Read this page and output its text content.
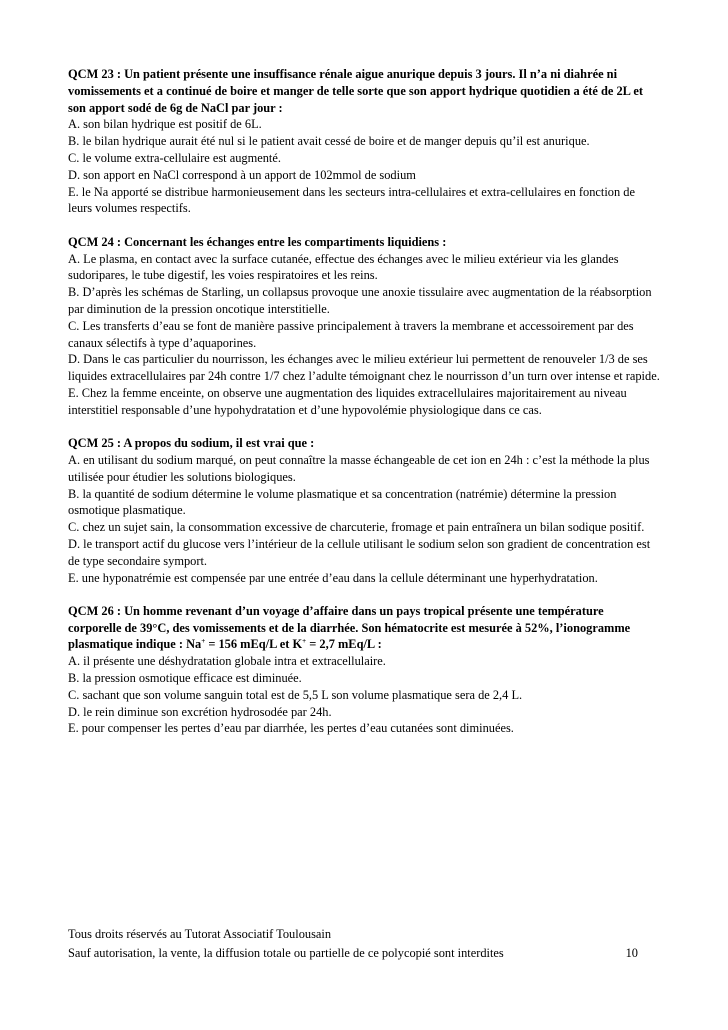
QCM 23 : Un patient présente une insuffisance rénale aigue anurique depuis 3 jours. Il n’a ni diahrée ni vomissements et a continué de boire et manger de telle sorte que son apport hydrique quotidien a été de 2L et son apport sodé de 6g de NaCl par jour :

A. son bilan hydrique est positif de 6L.

B. le bilan hydrique aurait été nul si le patient avait cessé de boire et de manger depuis qu’il est anurique.

C. le volume extra-cellulaire est augmenté.

D. son apport en NaCl correspond à un apport de 102mmol de sodium

E. le Na apporté se distribue harmonieusement dans les secteurs intra-cellulaires et extra-cellulaires en fonction de leurs volumes respectifs.

QCM 24 : Concernant les échanges entre les compartiments liquidiens :

A. Le plasma, en contact avec la surface cutanée, effectue des échanges avec le milieu extérieur via les glandes sudoripares, le tube digestif, les voies respiratoires et les reins.

B. D’après les schémas de Starling, un collapsus provoque une anoxie tissulaire avec augmentation de la réabsorption par diminution de la pression oncotique interstitielle.

C. Les transferts d’eau se font de manière passive principalement à travers la membrane et accessoirement par des canaux sélectifs à type d’aquaporines.

D. Dans le cas particulier du nourrisson, les échanges avec le milieu extérieur lui permettent de renouveler 1/3 de ses liquides extracellulaires par 24h contre 1/7 chez l’adulte témoignant chez le nourrisson d’un turn over intense et rapide.

E. Chez la femme enceinte, on observe une augmentation des liquides extracellulaires majoritairement au niveau interstitiel responsable d’une hypohydratation et d’une hypovolémie physiologique dans ce cas.

QCM 25 : A propos du sodium, il est vrai que :

A. en utilisant du sodium marqué, on peut connaître la masse échangeable de cet ion en 24h : c’est la méthode la plus utilisée pour étudier les solutions biologiques.

B. la quantité de sodium détermine le volume plasmatique et sa concentration (natrémie) détermine la pression osmotique plasmatique.

C. chez un sujet sain, la consommation excessive de charcuterie, fromage et pain entraînera un bilan sodique positif.

D. le transport actif du glucose vers l’intérieur de la cellule utilisant le sodium selon son gradient de concentration est de type secondaire symport.

E. une hyponatrémie est compensée par une entrée d’eau dans la cellule déterminant une hyperhydratation.

QCM 26 : Un homme revenant d’un voyage d’affaire dans un pays tropical présente une température corporelle de 39°C, des vomissements et de la diarrhée. Son hématocrite est mesurée à 52%, l’ionogramme plasmatique indique : Na+ = 156 mEq/L et K+ = 2,7 mEq/L :

A. il présente une déshydratation globale intra et extracellulaire.

B. la pression osmotique efficace est diminuée.

C. sachant que son volume sanguin total est de 5,5 L son volume plasmatique sera de 2,4 L.

D. le rein diminue son excrétion hydrosodée par 24h.

E. pour compenser les pertes d’eau par diarrhée, les pertes d’eau cutanées sont diminuées.

Tous droits réservés au Tutorat Associatif Toulousain

Sauf autorisation, la vente, la diffusion totale ou partielle de ce polycopié sont interdites	10
